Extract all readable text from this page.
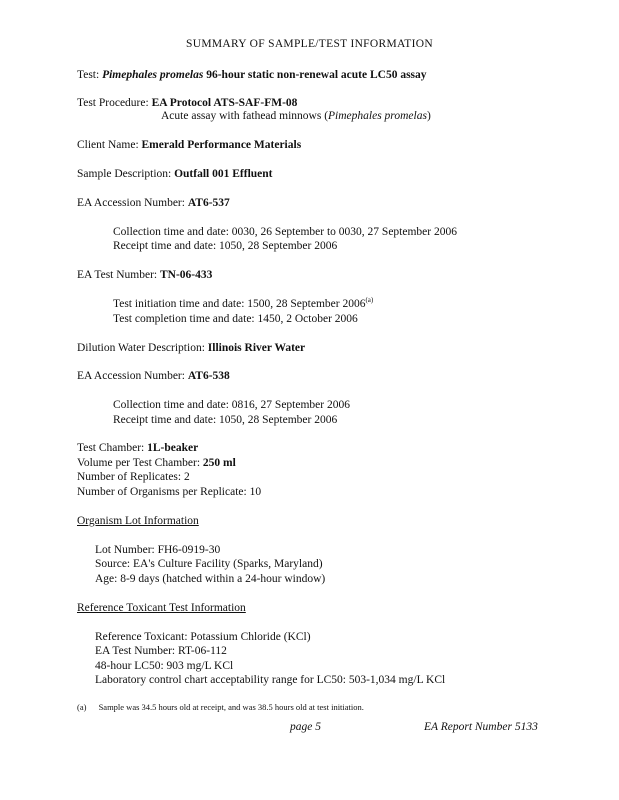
SUMMARY OF SAMPLE/TEST INFORMATION
Test: Pimephales promelas 96-hour static non-renewal acute LC50 assay
Test Procedure: EA Protocol ATS-SAF-FM-08
Acute assay with fathead minnows (Pimephales promelas)
Client Name: Emerald Performance Materials
Sample Description: Outfall 001 Effluent
EA Accession Number: AT6-537
Collection time and date: 0030, 26 September to 0030, 27 September 2006
Receipt time and date: 1050, 28 September 2006
EA Test Number: TN-06-433
Test initiation time and date: 1500, 28 September 2006$^{(a)}$
Test completion time and date: 1450, 2 October 2006
Dilution Water Description: Illinois River Water
EA Accession Number: AT6-538
Collection time and date: 0816, 27 September 2006
Receipt time and date: 1050, 28 September 2006
Test Chamber: 1L-beaker
Volume per Test Chamber: 250 ml
Number of Replicates: 2
Number of Organisms per Replicate: 10
Organism Lot Information
Lot Number: FH6-0919-30
Source: EA's Culture Facility (Sparks, Maryland)
Age: 8-9 days (hatched within a 24-hour window)
Reference Toxicant Test Information
Reference Toxicant: Potassium Chloride (KCl)
EA Test Number: RT-06-112
48-hour LC50: 903 mg/L KCl
Laboratory control chart acceptability range for LC50: 503-1,034 mg/L KCl
(a) Sample was 34.5 hours old at receipt, and was 38.5 hours old at test initiation.
page 5	EA Report Number 5133
